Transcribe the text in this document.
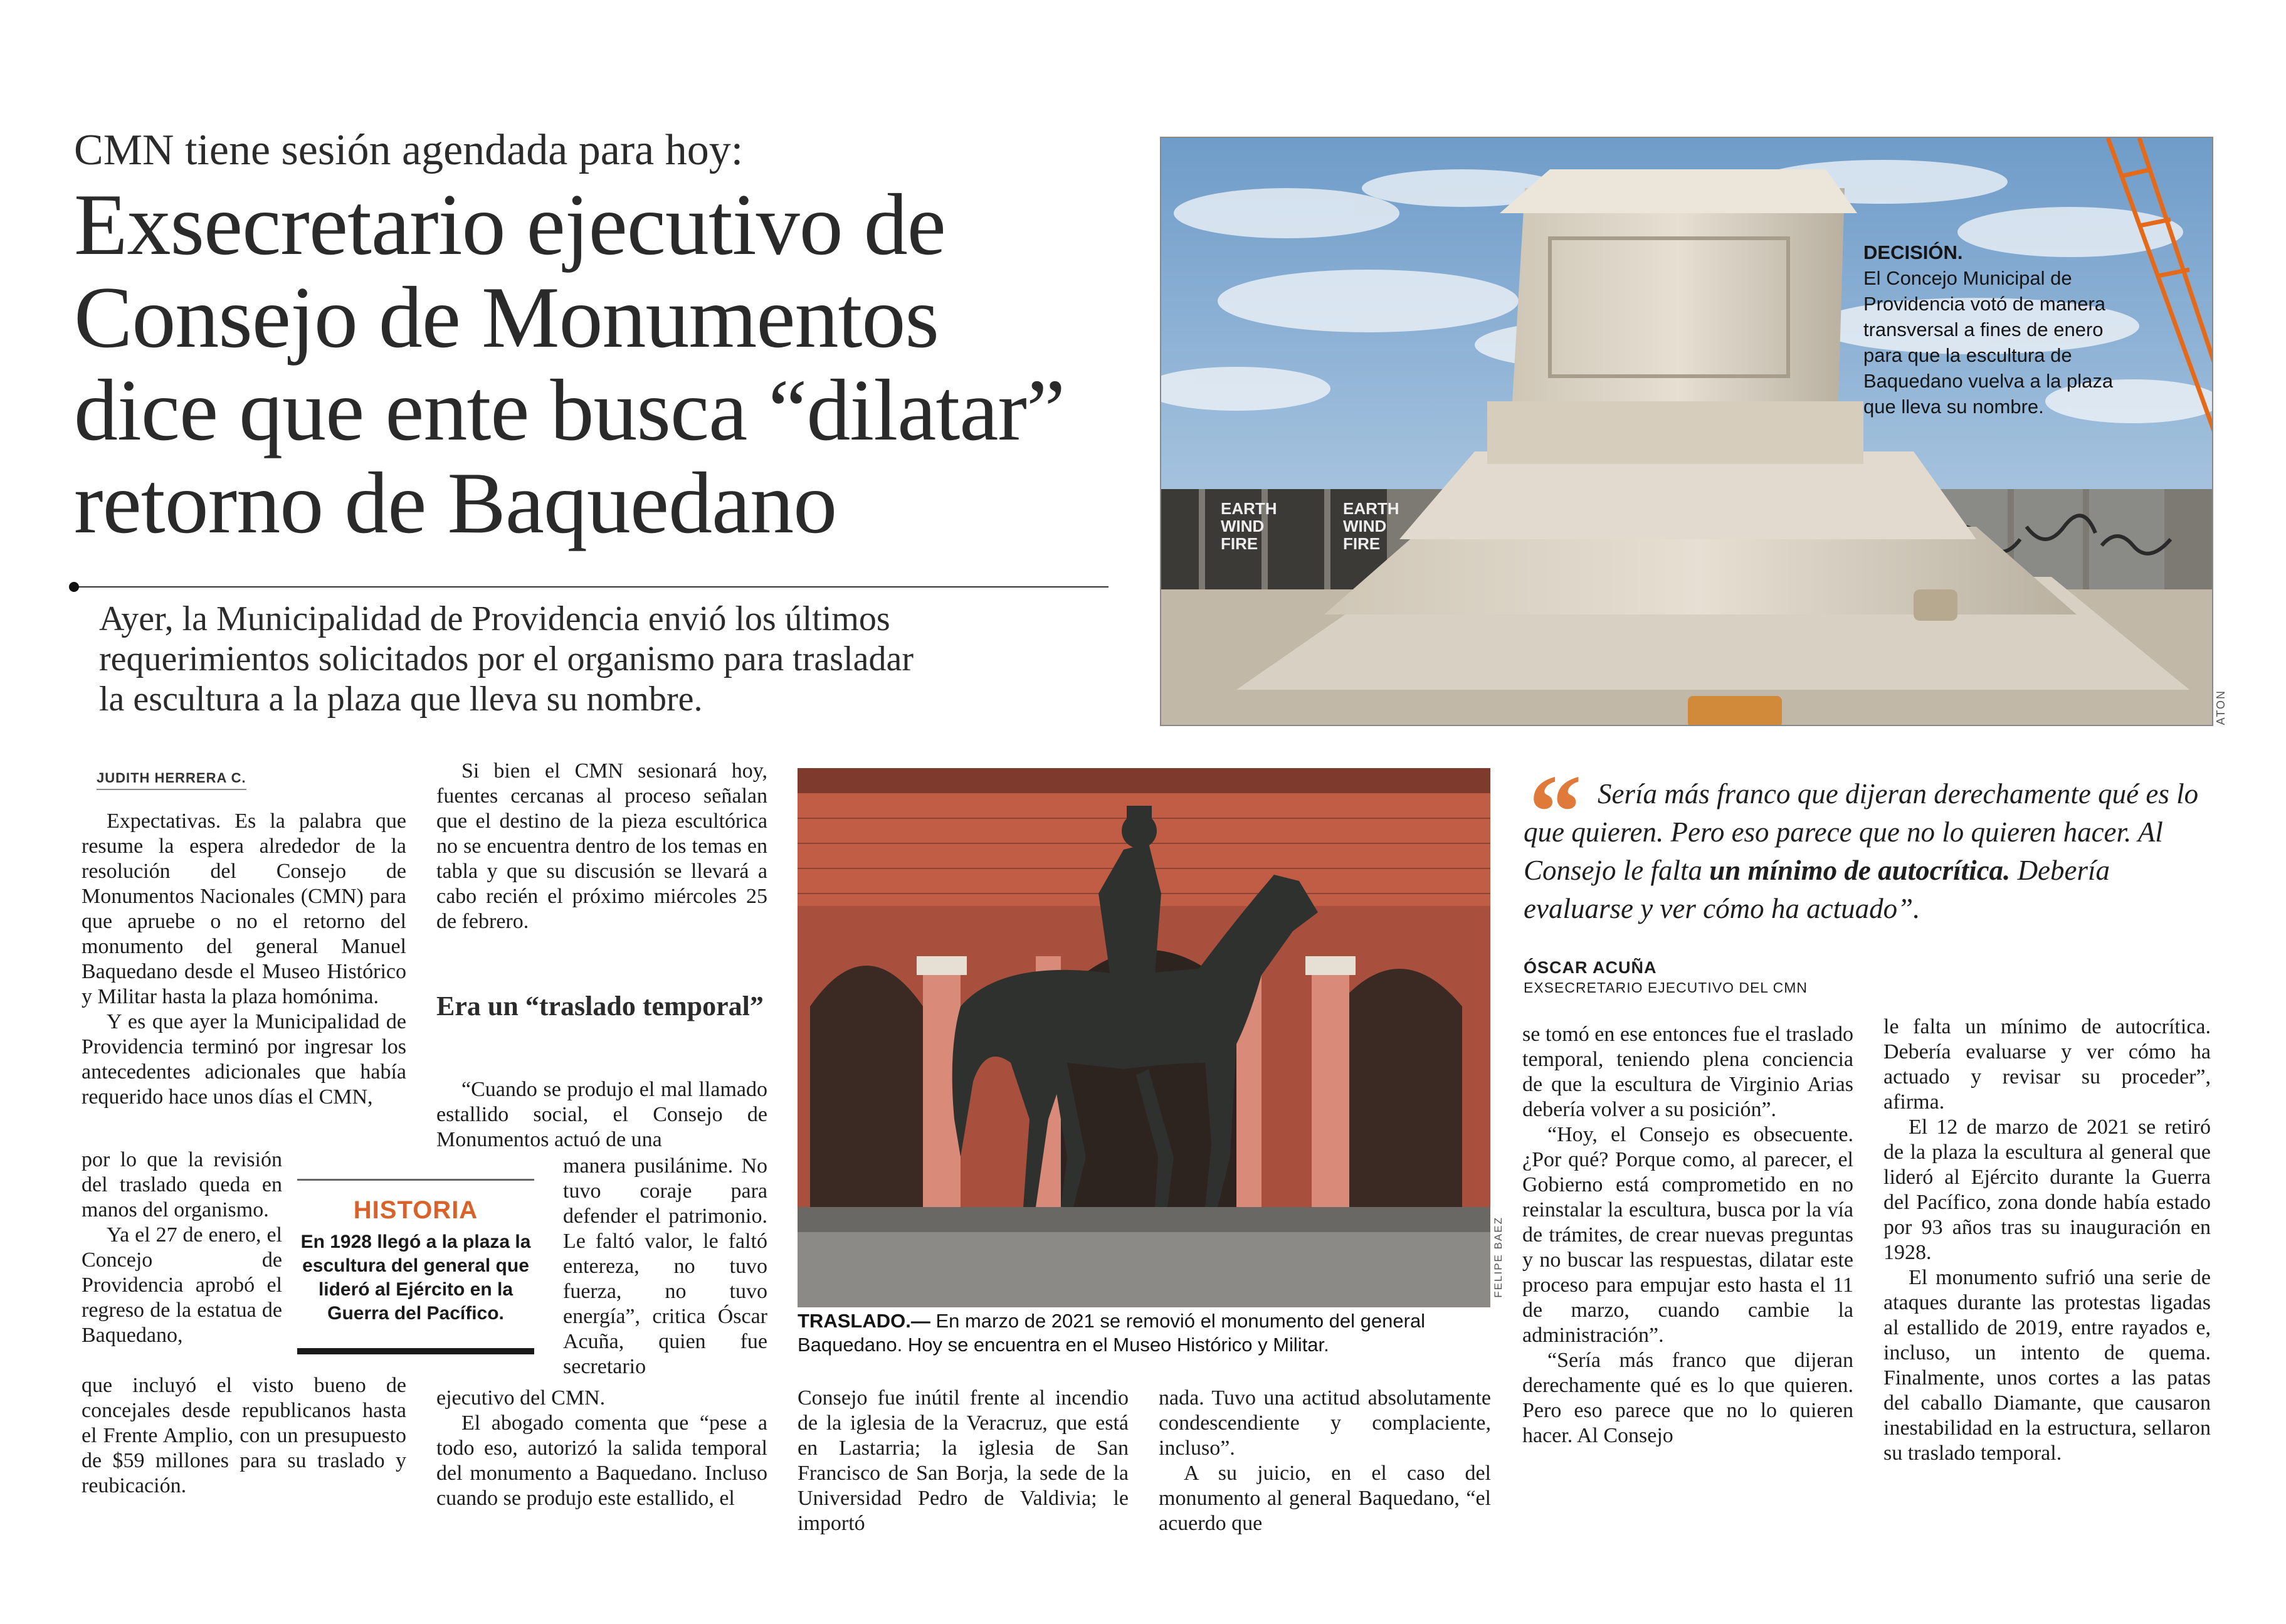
CMN tiene sesión agendada para hoy:
Exsecretario ejecutivo de
Consejo de Monumentos
dice que ente busca “dilatar”
retorno de Baquedano
Ayer, la Municipalidad de Providencia envió los últimos
requerimientos solicitados por el organismo para trasladar
la escultura a la plaza que lleva su nombre.
EARTH
WIND
FIRE
EARTH
WIND
FIRE
DECISIÓN.
El Concejo Municipal de Providencia votó de manera transversal a fines de enero para que la escultura de Baquedano vuelva a la plaza que lleva su nombre.
ATON
JUDITH HERRERA C.

Expectativas. Es la palabra que resume la espera alrededor de la resolución del Consejo de Monumentos Nacionales (CMN) para que apruebe o no el retorno del monumento del general Manuel Baquedano desde el Museo Histórico y Militar hasta la plaza homónima.

Y es que ayer la Municipalidad de Providencia terminó por ingresar los antecedentes adicionales que había requerido hace unos días el CMN,

por lo que la revisión del traslado queda en manos del organismo.

Ya el 27 de enero, el Concejo de Providencia aprobó el regreso de la estatua de Baquedano,

que incluyó el visto bueno de concejales desde republicanos hasta el Frente Amplio, con un presupuesto de $59 millones para su traslado y reubicación.

HISTORIA
En 1928 llegó a la plaza la escultura del general que lideró al Ejército en la Guerra del Pacífico.

Si bien el CMN sesionará hoy, fuentes cercanas al proceso señalan que el destino de la pieza escultórica no se encuentra dentro de los temas en tabla y que su discusión se llevará a cabo recién el próximo miércoles 25 de febrero.

Era un “traslado temporal”

“Cuando se produjo el mal llamado estallido social, el Consejo de Monumentos actuó de una

manera pusilánime. No tuvo coraje para defender el patrimonio. Le faltó valor, le faltó entereza, no tuvo fuerza, no tuvo energía”, critica Óscar Acuña, quien fue secretario

ejecutivo del CMN.

El abogado comenta que “pese a todo eso, autorizó la salida temporal del monumento a Baquedano. Incluso cuando se produjo este estallido, el

FELIPE BAEZ
TRASLADO.— En marzo de 2021 se removió el monumento del general Baquedano. Hoy se encuentra en el Museo Histórico y Militar.

Consejo fue inútil frente al incendio de la iglesia de la Veracruz, que está en Lastarria; la iglesia de San Francisco de San Borja, la sede de la Universidad Pedro de Valdivia; le importó

nada. Tuvo una actitud absolutamente condescendiente y complaciente, incluso”.

A su juicio, en el caso del monumento al general Baquedano, “el acuerdo que

“ Sería más franco que dijeran derechamente qué es lo que quieren. Pero eso parece que no lo quieren hacer. Al Consejo le falta un mínimo de autocrítica. Debería evaluarse y ver cómo ha actuado”.
ÓSCAR ACUÑA
EXSECRETARIO EJECUTIVO DEL CMN

se tomó en ese entonces fue el traslado temporal, teniendo plena conciencia de que la escultura de Virginio Arias debería volver a su posición”.

“Hoy, el Consejo es obsecuente. ¿Por qué? Porque como, al parecer, el Gobierno está comprometido en no reinstalar la escultura, busca por la vía de trámites, de crear nuevas preguntas y no buscar las respuestas, dilatar este proceso para empujar esto hasta el 11 de marzo, cuando cambie la administración”.

“Sería más franco que dijeran derechamente qué es lo que quieren. Pero eso parece que no lo quieren hacer. Al Consejo

le falta un mínimo de autocrítica. Debería evaluarse y ver cómo ha actuado y revisar su proceder”, afirma.

El 12 de marzo de 2021 se retiró de la plaza la escultura al general que lideró al Ejército durante la Guerra del Pacífico, zona donde había estado por 93 años tras su inauguración en 1928.

El monumento sufrió una serie de ataques durante las protestas ligadas al estallido de 2019, entre rayados e, incluso, un intento de quema. Finalmente, unos cortes a las patas del caballo Diamante, que causaron inestabilidad en la estructura, sellaron su traslado temporal.
